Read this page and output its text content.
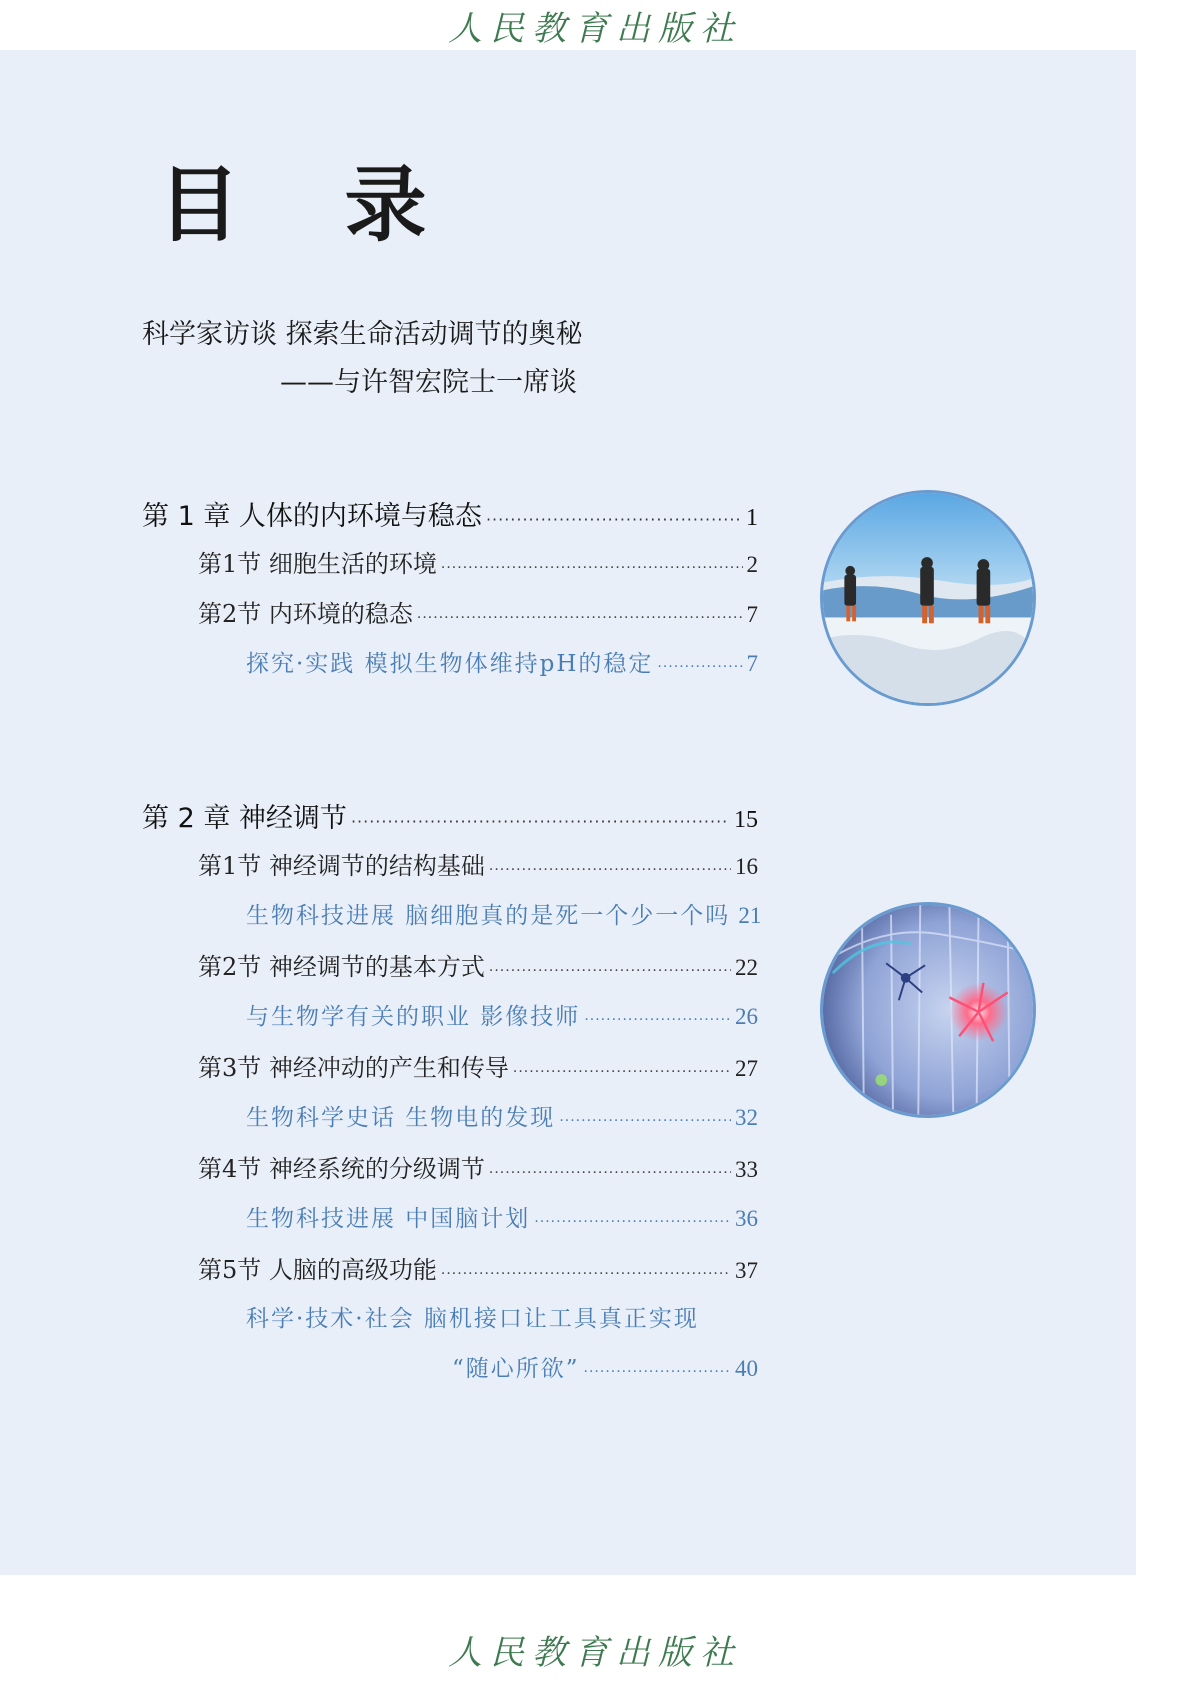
人民教育出版社
目 录
科学家访谈 探索生命活动调节的奥秘
——与许智宏院士一席谈
第 1 章 人体的内环境与稳态 ·····	1
第1节 细胞生活的环境 ·····	2
第2节 内环境的稳态 ·····	7
探究·实践 模拟生物体维持pH的稳定 ·····	7
第 2 章 神经调节 ·····	15
第1节 神经调节的结构基础 ·····	16
生物科技进展 脑细胞真的是死一个少一个吗 21
第2节 神经调节的基本方式 ·····	22
与生物学有关的职业 影像技师 ·····	26
第3节 神经冲动的产生和传导 ·····	27
生物科学史话 生物电的发现 ·····	32
第4节 神经系统的分级调节 ·····	33
生物科技进展 中国脑计划 ·····	36
第5节 人脑的高级功能 ·····	37
科学·技术·社会 脑机接口让工具真正实现
“随心所欲” ·····	40
人民教育出版社
